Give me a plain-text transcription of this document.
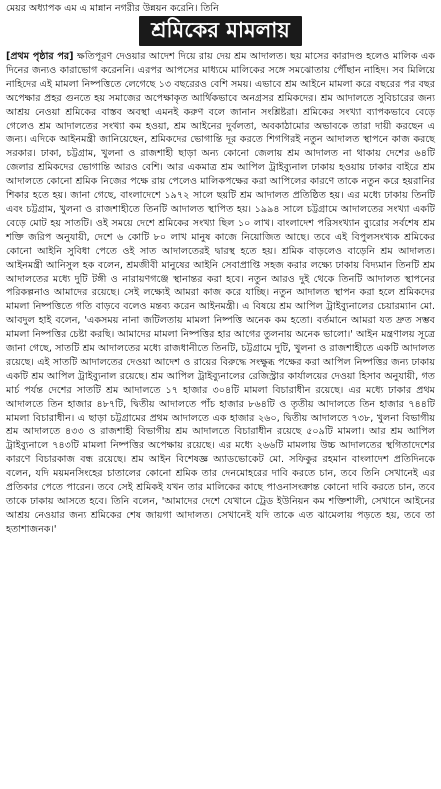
মেয়র অধ্যাপক এম এ মান্নান নগরীর উন্নয়ন করেনি। তিনি
শ্রমিকের মামলায়
[প্রথম পৃষ্ঠার পর] ক্ষতিপূরণ দেওয়ার আদেশ দিয়ে রায় দেয় শ্রম আদালত। ছয় মাসের কারাদণ্ড হলেও মালিক এক দিনের জন্যও কারাভোগ করেননি। এরপর আপসের মাধ্যমে মালিকের সঙ্গে সমঝোতায় পৌঁছান নাহিদ। সব মিলিয়ে নাহিদের এই মামলা নিষ্পত্তিতে লেগেছে ১৩ বছরেরও বেশি সময়। এভাবে শ্রম আইনে মামলা করে বছরের পর বছর অপেক্ষার প্রহর গুনতে হয় সমাজের অপেক্ষাকৃত আর্থিকভাবে অনগ্রসর শ্রমিকদের। শ্রম আদালতে সুবিচারের জন্য আশ্রয় নেওয়া শ্রমিকের বাস্তব অবস্থা এমনই করুণ বলে জানান সংশ্লিষ্টরা। শ্রমিকের সংখ্যা ব্যাপকভাবে বেড়ে গেলেও শ্রম আদালতের সংখ্যা কম হওয়া, শ্রম আইনের দুর্বলতা, অবকাঠামোর অভাবকে তারা দায়ী করছেন এ জন্য। এদিকে আইনমন্ত্রী জানিয়েছেন, শ্রমিকদের ভোগান্তি দূর করতে শিগগিরই নতুন আদালত স্থাপনে কাজ করছে সরকার। ঢাকা, চট্টগ্রাম, খুলনা ও রাজশাহী ছাড়া অন্য কোনো জেলায় শ্রম আদালত না থাকায় দেশের ৬৪টি জেলার শ্রমিকদের ভোগান্তি আরও বেশি। আর একমাত্র শ্রম আপিল ট্রাইব্যুনাল ঢাকায় হওয়ায় ঢাকার বাইরে শ্রম আদালতে কোনো শ্রমিক নিজের পক্ষে রায় পেলেও মালিকপক্ষের করা আপিলের কারণে তাকে নতুন করে হয়রানির শিকার হতে হয়। জানা গেছে, বাংলাদেশে ১৯৭২ সালে ছয়টি শ্রম আদালত প্রতিষ্ঠিত হয়। এর মধ্যে ঢাকায় তিনটি এবং চট্টগ্রাম, খুলনা ও রাজশাহীতে তিনটি আদালত স্থাপিত হয়। ১৯৯৪ সালে চট্টগ্রামে আদালতের সংখ্যা একটি বেড়ে মোট হয় সাতটি। ওই সময়ে দেশে শ্রমিকের সংখ্যা ছিল ১০ লাখ। বাংলাদেশ পরিসংখ্যান ব্যুরোর সর্বশেষ শ্রম শক্তি জরিপ অনুযায়ী, দেশে ৬ কোটি ৮০ লাখ মানুষ কাজে নিয়োজিত আছে। তবে এই বিপুলসংখ্যক শ্রমিকের কোনো আইনি সুবিধা পেতে ওই সাত আদালতেরই দ্বারস্থ হতে হয়। শ্রমিক বাড়লেও বাড়েনি শ্রম আদালত। আইনমন্ত্রী আনিসুল হক বলেন, শ্রমজীবী মানুষের আইনি সেবাপ্রাপ্তি সহজ করার লক্ষ্যে ঢাকায় বিদ্যমান তিনটি শ্রম আদালতের মধ্যে দুটি টঙ্গী ও নারায়ণগঞ্জে স্থানান্তর করা হবে। নতুন আরও দুই থেকে তিনটি আদালত স্থাপনের পরিকল্পনাও আমাদের রয়েছে। সেই লক্ষ্যেই আমরা কাজ করে যাচ্ছি। নতুন আদালত স্থাপন করা হলে শ্রমিকদের মামলা নিষ্পত্তিতে গতি বাড়বে বলেও মন্তব্য করেন আইনমন্ত্রী। এ বিষয়ে শ্রম আপিল ট্রাইব্যুনালের চেয়ারম্যান মো. আবদুল হাই বলেন, 'একসময় নানা জটিলতায় মামলা নিষ্পত্তি অনেক কম হতো। বর্তমানে আমরা যত দ্রুত সম্ভব মামলা নিষ্পত্তির চেষ্টা করছি। আমাদের মামলা নিষ্পত্তির হার আগের তুলনায় অনেক ভালো।' আইন মন্ত্রণালয় সূত্রে জানা গেছে, সাতটি শ্রম আদালতের মধ্যে রাজধানীতে তিনটি, চট্টগ্রামে দুটি, খুলনা ও রাজশাহীতে একটি আদালত রয়েছে। এই সাতটি আদালতের দেওয়া আদেশ ও রায়ের বিরুদ্ধে সংক্ষুব্ধ পক্ষের করা আপিল নিষ্পত্তির জন্য ঢাকায় একটি শ্রম আপিল ট্রাইব্যুনাল রয়েছে। শ্রম আপিল ট্রাইব্যুনালের রেজিস্ট্রার কার্যালয়ের দেওয়া হিসাব অনুযায়ী, গত মার্চ পর্যন্ত দেশের সাতটি শ্রম আদালতে ১৭ হাজার ৩০৪টি মামলা বিচারাধীন রয়েছে। এর মধ্যে ঢাকার প্রথম আদালতে তিন হাজার ৪৮৭টি, দ্বিতীয় আদালতে পাঁচ হাজার ৮৬৪টি ও তৃতীয় আদালতে তিন হাজার ৭৪৪টি মামলা বিচারাধীন। এ ছাড়া চট্টগ্রামের প্রথম আদালতে এক হাজার ২৬০, দ্বিতীয় আদালতে ৭৩৮, খুলনা বিভাগীয় শ্রম আদালতে ৪৩৩ ও রাজশাহী বিভাগীয় শ্রম আদালতে বিচারাধীন রয়েছে ৫০৯টি মামলা। আর শ্রম আপিল ট্রাইব্যুনালে ৭৪৩টি মামলা নিষ্পত্তির অপেক্ষায় রয়েছে। এর মধ্যে ২৬৬টি মামলায় উচ্চ আদালতের স্থগিতাদেশের কারণে বিচারকাজ বন্ধ রয়েছে। শ্রম আইন বিশেষজ্ঞ অ্যাডভোকেট মো. সফিকুর রহমান বাংলাদেশ প্রতিদিনকে বলেন, যদি ময়মনসিংহের চাতালের কোনো শ্রমিক তার দেনমোহরের দাবি করতে চান, তবে তিনি সেখানেই এর প্রতিকার পেতে পারেন। তবে সেই শ্রমিকই যখন তার মালিকের কাছে পাওনাসংক্রান্ত কোনো দাবি করতে চান, তবে তাকে ঢাকায় আসতে হবে। তিনি বলেন, 'আমাদের দেশে যেখানে ট্রেড ইউনিয়ন কম শক্তিশালী, সেখানে আইনের আশ্রয় নেওয়ার জন্য শ্রমিকের শেষ জায়গা আদালত। সেখানেই যদি তাকে এত ঝামেলায় পড়তে হয়, তবে তা হতাশাজনক।'
